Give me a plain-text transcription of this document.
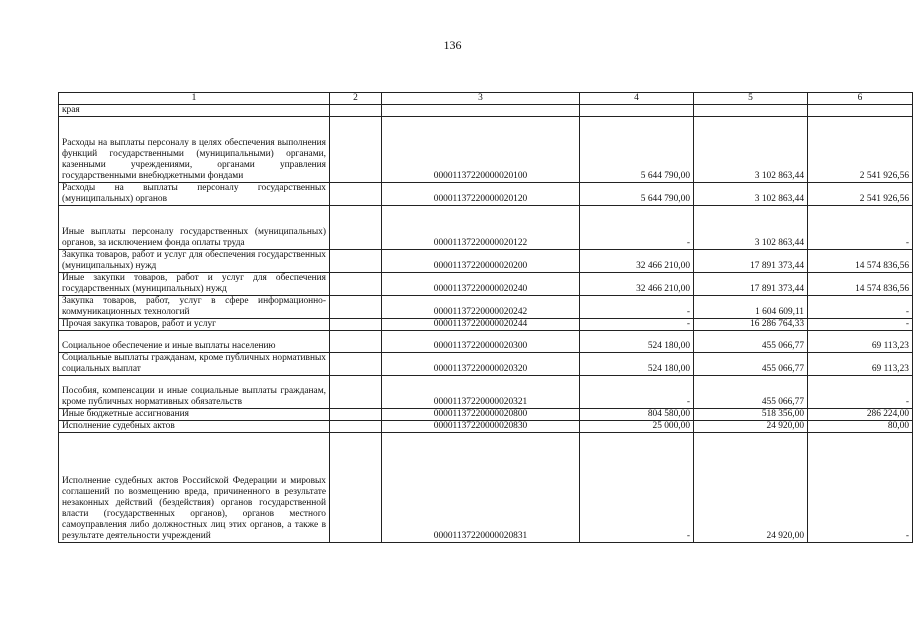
136
1	2	3	4	5	6
края					
Расходы на выплаты персоналу в целях обеспечения выполнения функций государственными (муниципальными) органами, казенными учреждениями, органами управления государственными внебюджетными фондами		00001137220000020100	5 644 790,00	3 102 863,44	2 541 926,56
Расходы на выплаты персоналу государственных (муниципальных) органов		00001137220000020120	5 644 790,00	3 102 863,44	2 541 926,56
Иные выплаты персоналу государственных (муниципальных) органов, за исключением фонда оплаты труда		00001137220000020122	-	3 102 863,44	-
Закупка товаров, работ и услуг для обеспечения государственных (муниципальных) нужд		00001137220000020200	32 466 210,00	17 891 373,44	14 574 836,56
Иные закупки товаров, работ и услуг для обеспечения государственных (муниципальных) нужд		00001137220000020240	32 466 210,00	17 891 373,44	14 574 836,56
Закупка товаров, работ, услуг в сфере информационно-коммуникационных технологий		00001137220000020242	-	1 604 609,11	-
Прочая закупка товаров, работ и услуг		00001137220000020244	-	16 286 764,33	-
Социальное обеспечение и иные выплаты населению		00001137220000020300	524 180,00	455 066,77	69 113,23
Социальные выплаты гражданам, кроме публичных нормативных социальных выплат		00001137220000020320	524 180,00	455 066,77	69 113,23
Пособия, компенсации и иные социальные выплаты гражданам, кроме публичных нормативных обязательств		00001137220000020321	-	455 066,77	-
Иные бюджетные ассигнования		00001137220000020800	804 580,00	518 356,00	286 224,00
Исполнение судебных актов		00001137220000020830	25 000,00	24 920,00	80,00
Исполнение судебных актов Российской Федерации и мировых соглашений по возмещению вреда, причиненного в результате незаконных действий (бездействия) органов государственной власти (государственных органов), органов местного самоуправления либо должностных лиц этих органов, а также в результате деятельности учреждений		00001137220000020831	-	24 920,00	-
